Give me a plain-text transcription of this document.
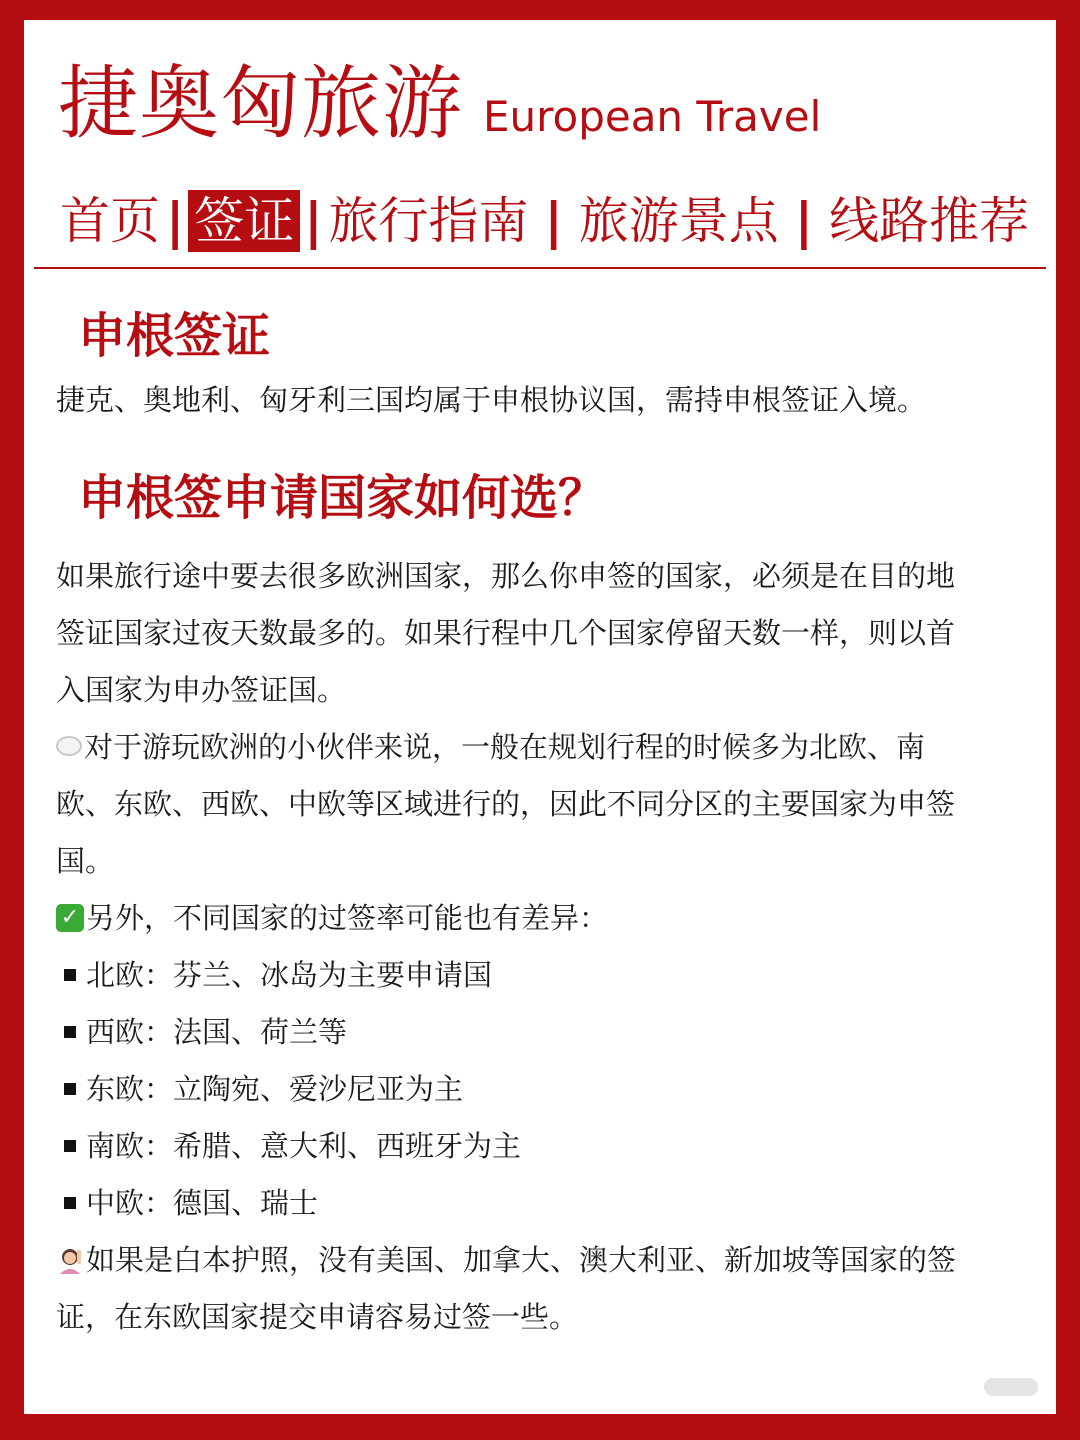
捷奥匈旅游 European Travel
首页 | 签证 | 旅行指南 | 旅游景点 | 线路推荐
申根签证
捷克、奥地利、匈牙利三国均属于申根协议国，需持申根签证入境。
申根签申请国家如何选？
如果旅行途中要去很多欧洲国家，那么你申签的国家，必须是在目的地
签证国家过夜天数最多的。如果行程中几个国家停留天数一样，则以首
入国家为申办签证国。
对于游玩欧洲的小伙伴来说，一般在规划行程的时候多为北欧、南
欧、东欧、西欧、中欧等区域进行的，因此不同分区的主要国家为申签
国。
✓ 另外，不同国家的过签率可能也有差异：
北欧：芬兰、冰岛为主要申请国
西欧：法国、荷兰等
东欧：立陶宛、爱沙尼亚为主
南欧：希腊、意大利、西班牙为主
中欧：德国、瑞士
如果是白本护照，没有美国、加拿大、澳大利亚、新加坡等国家的签
证，在东欧国家提交申请容易过签一些。
